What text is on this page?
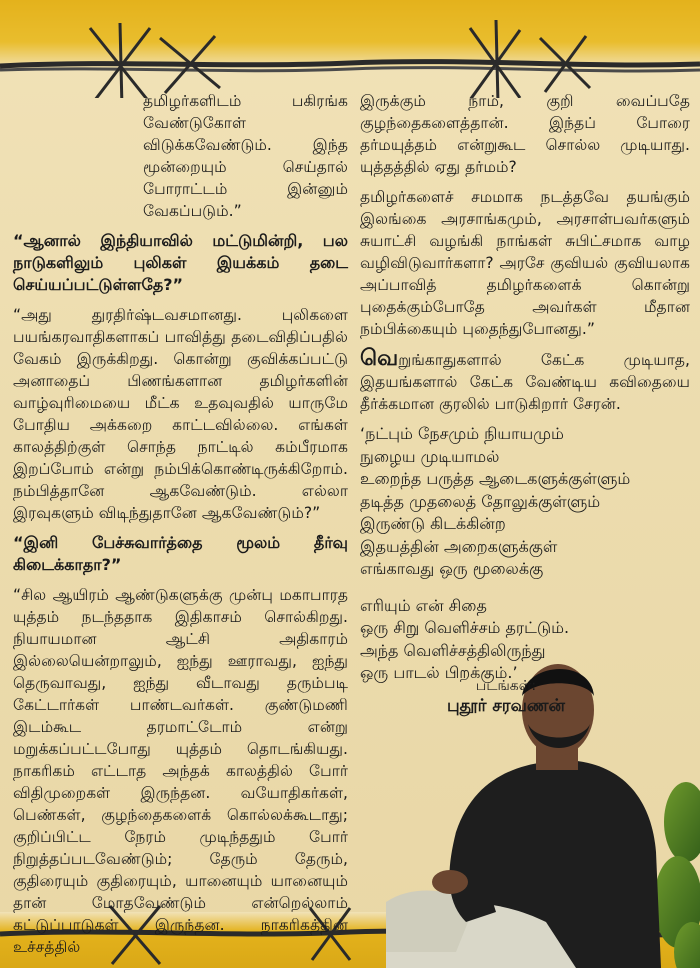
தமிழர்களிடம் பகிரங்க வேண்டுகோள் விடுக்கவேண்டும். இந்த மூன்றையும் செய்தால் போராட்டம் இன்னும் வேகப்படும்.”

“ஆனால் இந்தியாவில் மட்டுமின்றி, பல நாடுகளிலும் புலிகள் இயக்கம் தடை செய்யப்பட்டுள்ளதே?”

“அது துரதிர்ஷ்டவசமானது. புலிகளை பயங்கரவாதிகளாகப் பாவித்து தடைவிதிப்பதில் வேகம் இருக்கிறது. கொன்று குவிக்கப்பட்டு அனாதைப் பிணங்களான தமிழர்களின் வாழ்வுரிமையை மீட்க உதவுவதில் யாருமே போதிய அக்கறை காட்டவில்லை. எங்கள் காலத்திற்குள் சொந்த நாட்டில் கம்பீரமாக இறப்போம் என்று நம்பிக்கொண்டிருக்கிறோம். நம்பித்தானே ஆகவேண்டும். எல்லா இரவுகளும் விடிந்துதானே ஆகவேண்டும்?”

“இனி பேச்சுவார்த்தை மூலம் தீர்வு கிடைக்காதா?”

“சில ஆயிரம் ஆண்டுகளுக்கு முன்பு மகாபாரத யுத்தம் நடந்ததாக இதிகாசம் சொல்கிறது. நியாயமான ஆட்சி அதிகாரம் இல்லையென்றாலும், ஐந்து ஊராவது, ஐந்து தெருவாவது, ஐந்து வீடாவது தரும்படி கேட்டார்கள் பாண்டவர்கள். குண்டுமணி இடம்கூட தரமாட்டோம் என்று மறுக்கப்பட்டபோது யுத்தம் தொடங்கியது. நாகரிகம் எட்டாத அந்தக் காலத்தில் போர் விதிமுறைகள் இருந்தன. வயோதிகர்கள், பெண்கள், குழந்தைகளைக் கொல்லக்கூடாது; குறிப்பிட்ட நேரம் முடிந்ததும் போர் நிறுத்தப்படவேண்டும்; தேரும் தேரும், குதிரையும் குதிரையும், யானையும் யானையும் தான் மோதவேண்டும் என்றெல்லாம் கட்டுப்பாடுகள் இருந்தன. நாகரிகத்தின் உச்சத்தில்

இருக்கும் நாம், குறி வைப்பதே குழந்தைகளைத்தான். இந்தப் போரை தர்மயுத்தம் என்றுகூட சொல்ல முடியாது. யுத்தத்தில் ஏது தர்மம்?

தமிழர்களைச் சமமாக நடத்தவே தயங்கும் இலங்கை அரசாங்கமும், அரசாள்பவர்களும் சுயாட்சி வழங்கி நாங்கள் சுபிட்சமாக வாழ வழிவிடுவார்களா? அரசே குவியல் குவியலாக அப்பாவித் தமிழர்களைக் கொன்று புதைக்கும்போதே அவர்கள் மீதான நம்பிக்கையும் புதைந்துபோனது.”

வெறுங்காதுகளால் கேட்க முடியாத, இதயங்களால் கேட்க வேண்டிய கவிதையை தீர்க்கமான குரலில் பாடுகிறார் சேரன்.

‘நட்பும் நேசமும் நியாயமும்

நுழைய முடியாமல்

உறைந்த பருத்த ஆடைகளுக்குள்ளும்

தடித்த முதலைத் தோலுக்குள்ளும்

இருண்டு கிடக்கின்ற

இதயத்தின் அறைகளுக்குள்

எங்காவது ஒரு மூலைக்கு

எரியும் என் சிதை

ஒரு சிறு வெளிச்சம் தரட்டும்.

அந்த வெளிச்சத்திலிருந்து

ஒரு பாடல் பிறக்கும்.’

படங்கள்:
புதூர் சரவணன்
